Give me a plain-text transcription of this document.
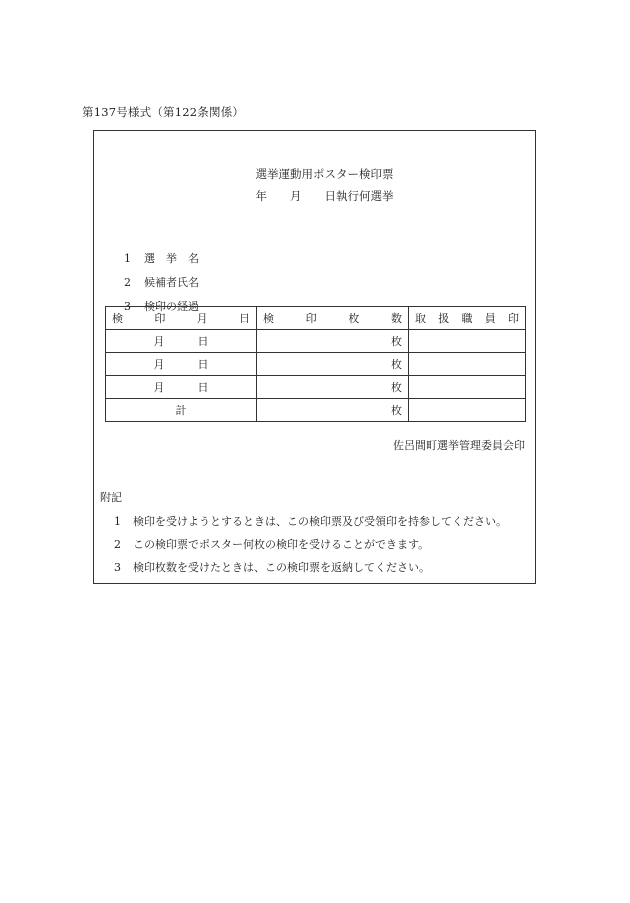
第137号様式（第122条関係）
選挙運動用ポスター検印票
年　　月　　日執行何選挙

1 選　挙　名

2 候補者氏名

3 検印の経過

検　印　月　日	検　印　枚　数	取 扱 職 員 印
月　　　日	枚	
月　　　日	枚	
月　　　日	枚	
計	枚	
佐呂間町選挙管理委員会印
附記
1 検印を受けようとするときは、この検印票及び受領印を持参してください。
2 この検印票でポスター何枚の検印を受けることができます。
3 検印枚数を受けたときは、この検印票を返納してください。
